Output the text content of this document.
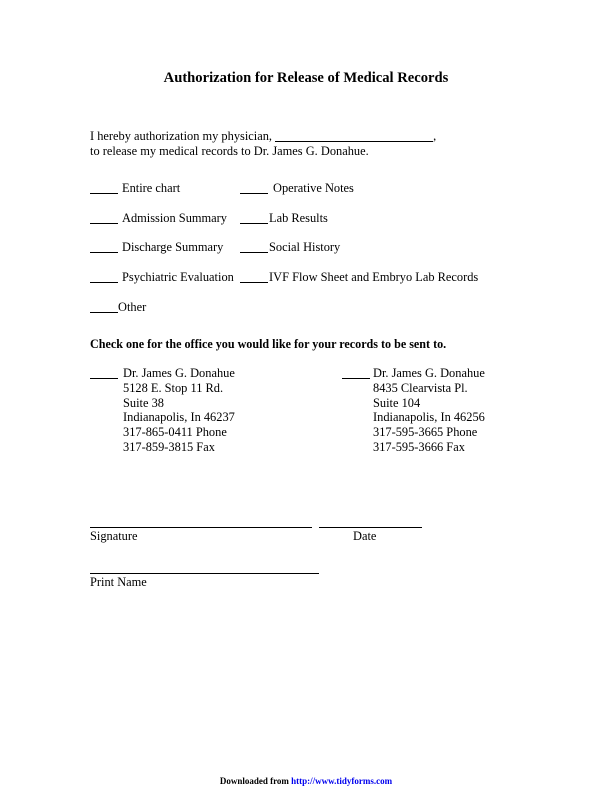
Authorization for Release of Medical Records
I hereby authorization my physician,	,
to release my medical records to Dr. James G. Donahue.
Entire chart	Operative Notes
Admission Summary	Lab Results
Discharge Summary	Social History
Psychiatric Evaluation	IVF Flow Sheet and Embryo Lab Records
Other
Check one for the office you would like for your records to be sent to.
Dr. James G. Donahue
5128 E. Stop 11 Rd.
Suite 38
Indianapolis, In 46237
317-865-0411 Phone
317-859-3815 Fax
Dr. James G. Donahue
8435 Clearvista Pl.
Suite 104
Indianapolis, In 46256
317-595-3665 Phone
317-595-3666 Fax
Signature	Date
Print Name
Downloaded from http://www.tidyforms.com
